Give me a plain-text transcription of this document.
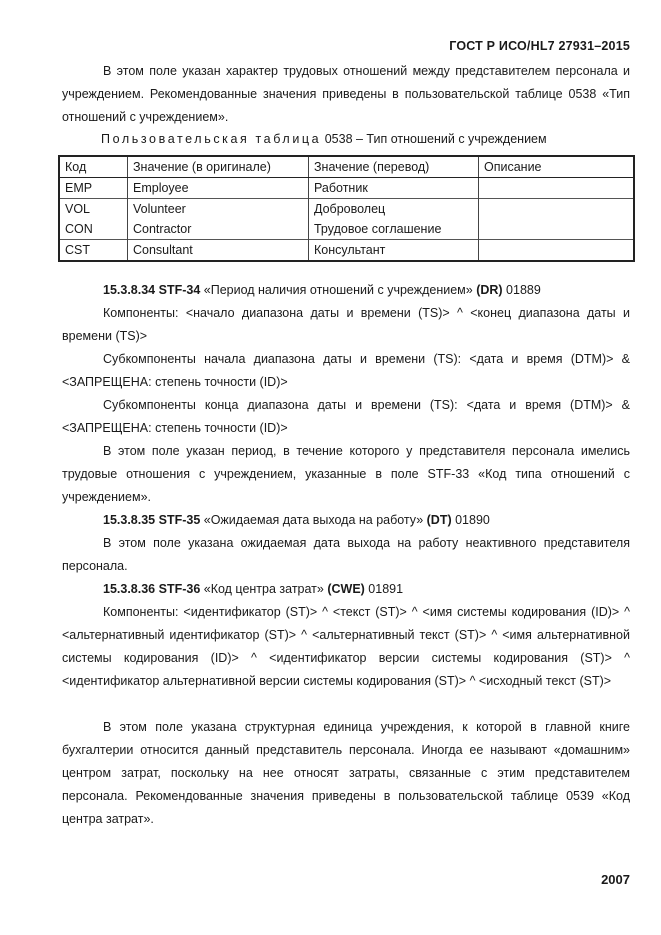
ГОСТ Р ИСО/HL7 27931–2015

В этом поле указан характер трудовых отношений между представителем персонала и учреждением. Рекомендованные значения приведены в пользовательской таблице 0538 «Тип отношений с учреждением».

Пользовательская таблица 0538 – Тип отношений с учреждением
Код	Значение (в оригинале)	Значение (перевод)	Описание
EMP	Employee	Работник	
VOL	Volunteer	Доброволец	
CON	Contractor	Трудовое соглашение	
CST	Consultant	Консультант	

15.3.8.34 STF-34 «Период наличия отношений с учреждением» (DR) 01889

Компоненты: <начало диапазона даты и времени (TS)> ^ <конец диапазона даты и времени (TS)>

Субкомпоненты начала диапазона даты и времени (TS): <дата и время (DTM)> & <ЗАПРЕЩЕНА: степень точности (ID)>

Субкомпоненты конца диапазона даты и времени (TS): <дата и время (DTM)> & <ЗАПРЕЩЕНА: степень точности (ID)>

В этом поле указан период, в течение которого у представителя персонала имелись трудовые отношения с учреждением, указанные в поле STF-33 «Код типа отношений с учреждением».

15.3.8.35 STF-35 «Ожидаемая дата выхода на работу» (DT) 01890

В этом поле указана ожидаемая дата выхода на работу неактивного представителя персонала.

15.3.8.36 STF-36 «Код центра затрат» (CWE) 01891

Компоненты: <идентификатор (ST)> ^ <текст (ST)> ^ <имя системы кодирования (ID)> ^ <альтернативный идентификатор (ST)> ^ <альтернативный текст (ST)> ^ <имя альтернативной системы кодирования (ID)> ^ <идентификатор версии системы кодирования (ST)> ^ <идентификатор альтернативной версии системы кодирования (ST)> ^ <исходный текст (ST)>

В этом поле указана структурная единица учреждения, к которой в главной книге бухгалтерии относится данный представитель персонала. Иногда ее называют «домашним» центром затрат, поскольку на нее относят затраты, связанные с этим представителем персонала. Рекомендованные значения приведены в пользовательской таблице 0539 «Код центра затрат».

2007
